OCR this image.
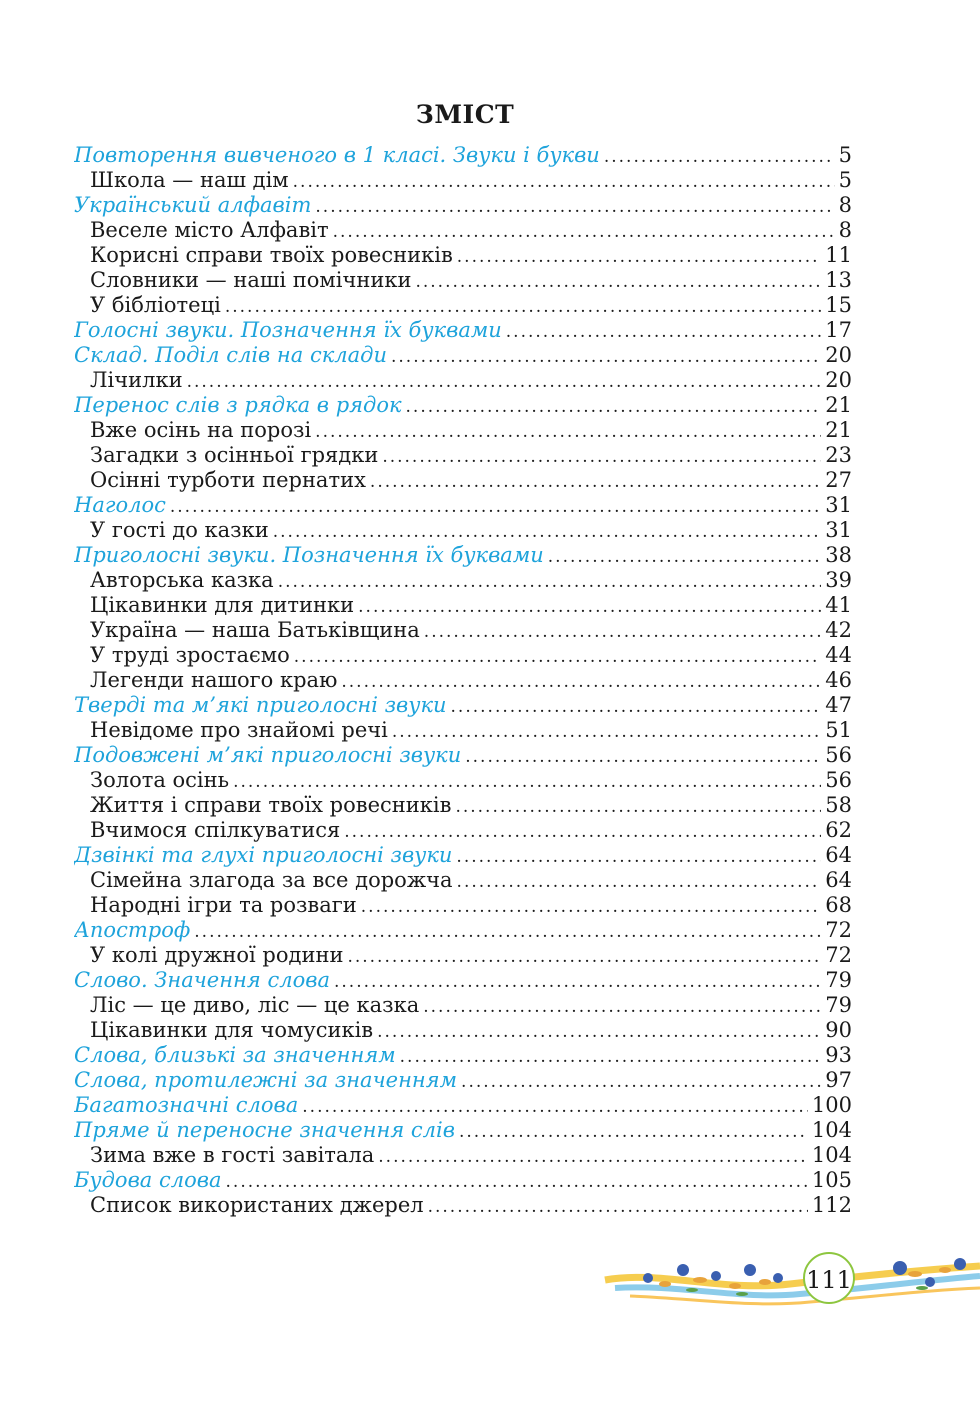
ЗМІСТ
Повторення вивченого в 1 класі. Звуки і букви .....	5
Школа — наш дім .....	5
Український алфавіт .....	8
Веселе місто Алфавіт .....	8
Корисні справи твоїх ровесників .....	11
Словники — наші помічники .....	13
У бібліотеці .....	15
Голосні звуки. Позначення їх буквами .....	17
Склад. Поділ слів на склади .....	20
Лічилки .....	20
Перенос слів з рядка в рядок .....	21
Вже осінь на порозі .....	21
Загадки з осінньої грядки .....	23
Осінні турботи пернатих .....	27
Наголос .....	31
У гості до казки .....	31
Приголосні звуки. Позначення їх буквами .....	38
Авторська казка .....	39
Цікавинки для дитинки .....	41
Україна — наша Батьківщина .....	42
У труді зростаємо .....	44
Легенди нашого краю .....	46
Тверді та м’які приголосні звуки .....	47
Невідоме про знайомі речі .....	51
Подовжені м’які приголосні звуки .....	56
Золота осінь .....	56
Життя і справи твоїх ровесників .....	58
Вчимося спілкуватися .....	62
Дзвінкі та глухі приголосні звуки .....	64
Сімейна злагода за все дорожча .....	64
Народні ігри та розваги .....	68
Апостроф .....	72
У колі дружної родини .....	72
Слово. Значення слова .....	79
Ліс — це диво, ліс — це казка .....	79
Цікавинки для чомусиків .....	90
Слова, близькі за значенням .....	93
Слова, протилежні за значенням .....	97
Багатозначні слова .....	100
Пряме й переносне значення слів .....	104
Зима вже в гості завітала .....	104
Будова слова .....	105
Список використаних джерел .....	112
111
